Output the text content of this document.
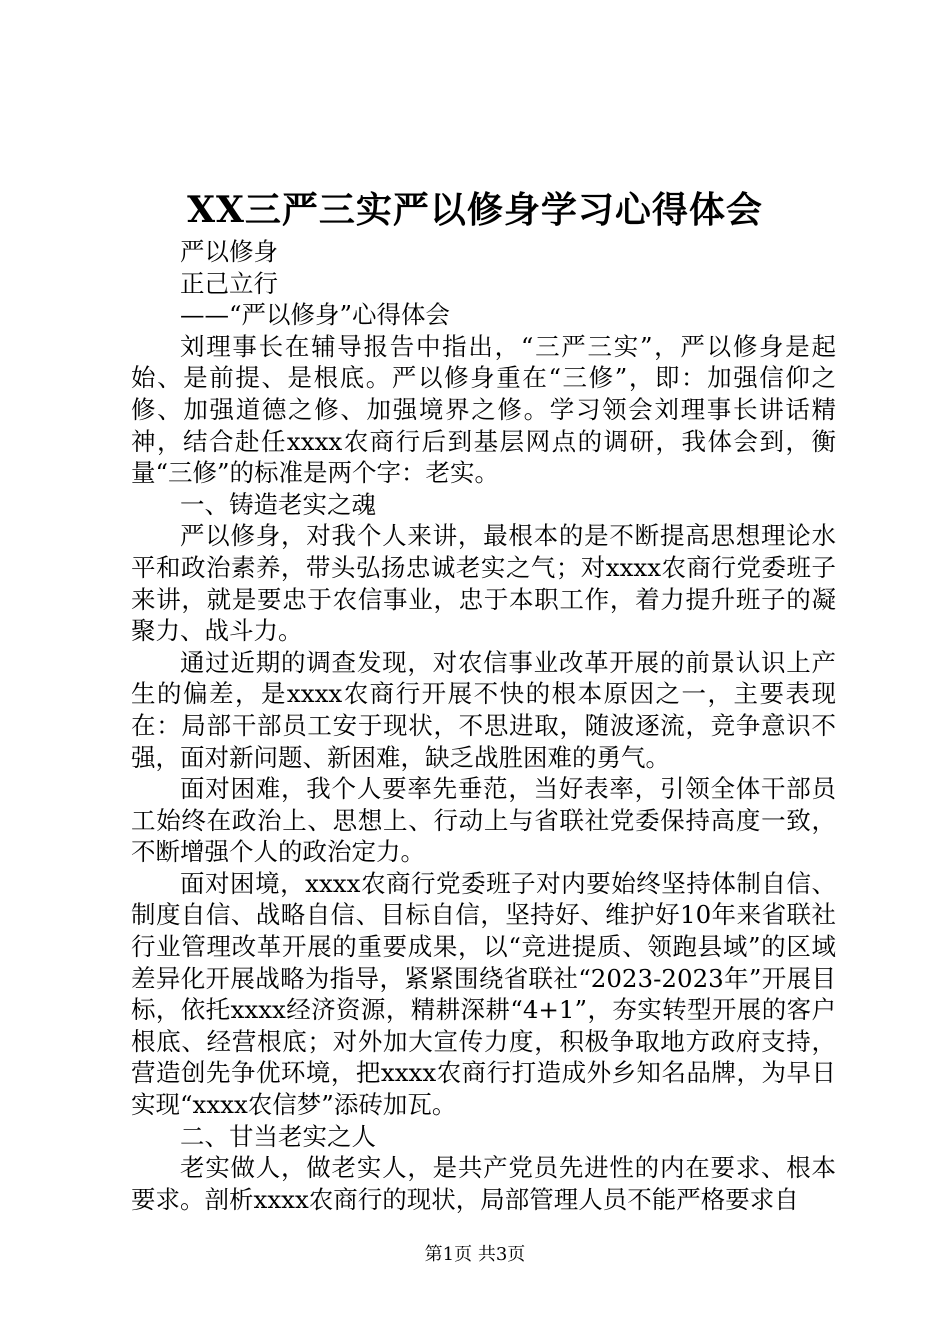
XX三严三实严以修身学习心得体会

严以修身

正己立行

——“严以修身”心得体会

刘理事长在辅导报告中指出，“三严三实”，严以修身是起始、是前提、是根底。严以修身重在“三修”，即：加强信仰之修、加强道德之修、加强境界之修。学习领会刘理事长讲话精神，结合赴任xxxx农商行后到基层网点的调研，我体会到，衡量“三修”的标准是两个字：老实。

一、铸造老实之魂

严以修身，对我个人来讲，最根本的是不断提高思想理论水平和政治素养，带头弘扬忠诚老实之气；对xxxx农商行党委班子来讲，就是要忠于农信事业，忠于本职工作，着力提升班子的凝聚力、战斗力。

通过近期的调查发现，对农信事业改革开展的前景认识上产生的偏差，是xxxx农商行开展不快的根本原因之一，主要表现在：局部干部员工安于现状，不思进取，随波逐流，竞争意识不强，面对新问题、新困难，缺乏战胜困难的勇气。

面对困难，我个人要率先垂范，当好表率，引领全体干部员工始终在政治上、思想上、行动上与省联社党委保持高度一致，不断增强个人的政治定力。

面对困境，xxxx农商行党委班子对内要始终坚持体制自信、制度自信、战略自信、目标自信，坚持好、维护好10年来省联社行业管理改革开展的重要成果，以“竞进提质、领跑县域”的区域差异化开展战略为指导，紧紧围绕省联社“2023-2023年”开展目标，依托xxxx经济资源，精耕深耕“4+1”，夯实转型开展的客户根底、经营根底；对外加大宣传力度，积极争取地方政府支持，营造创先争优环境，把xxxx农商行打造成外乡知名品牌，为早日实现“xxxx农信梦”添砖加瓦。

二、甘当老实之人

老实做人，做老实人，是共产党员先进性的内在要求、根本要求。剖析xxxx农商行的现状，局部管理人员不能严格要求自

第1页 共3页
